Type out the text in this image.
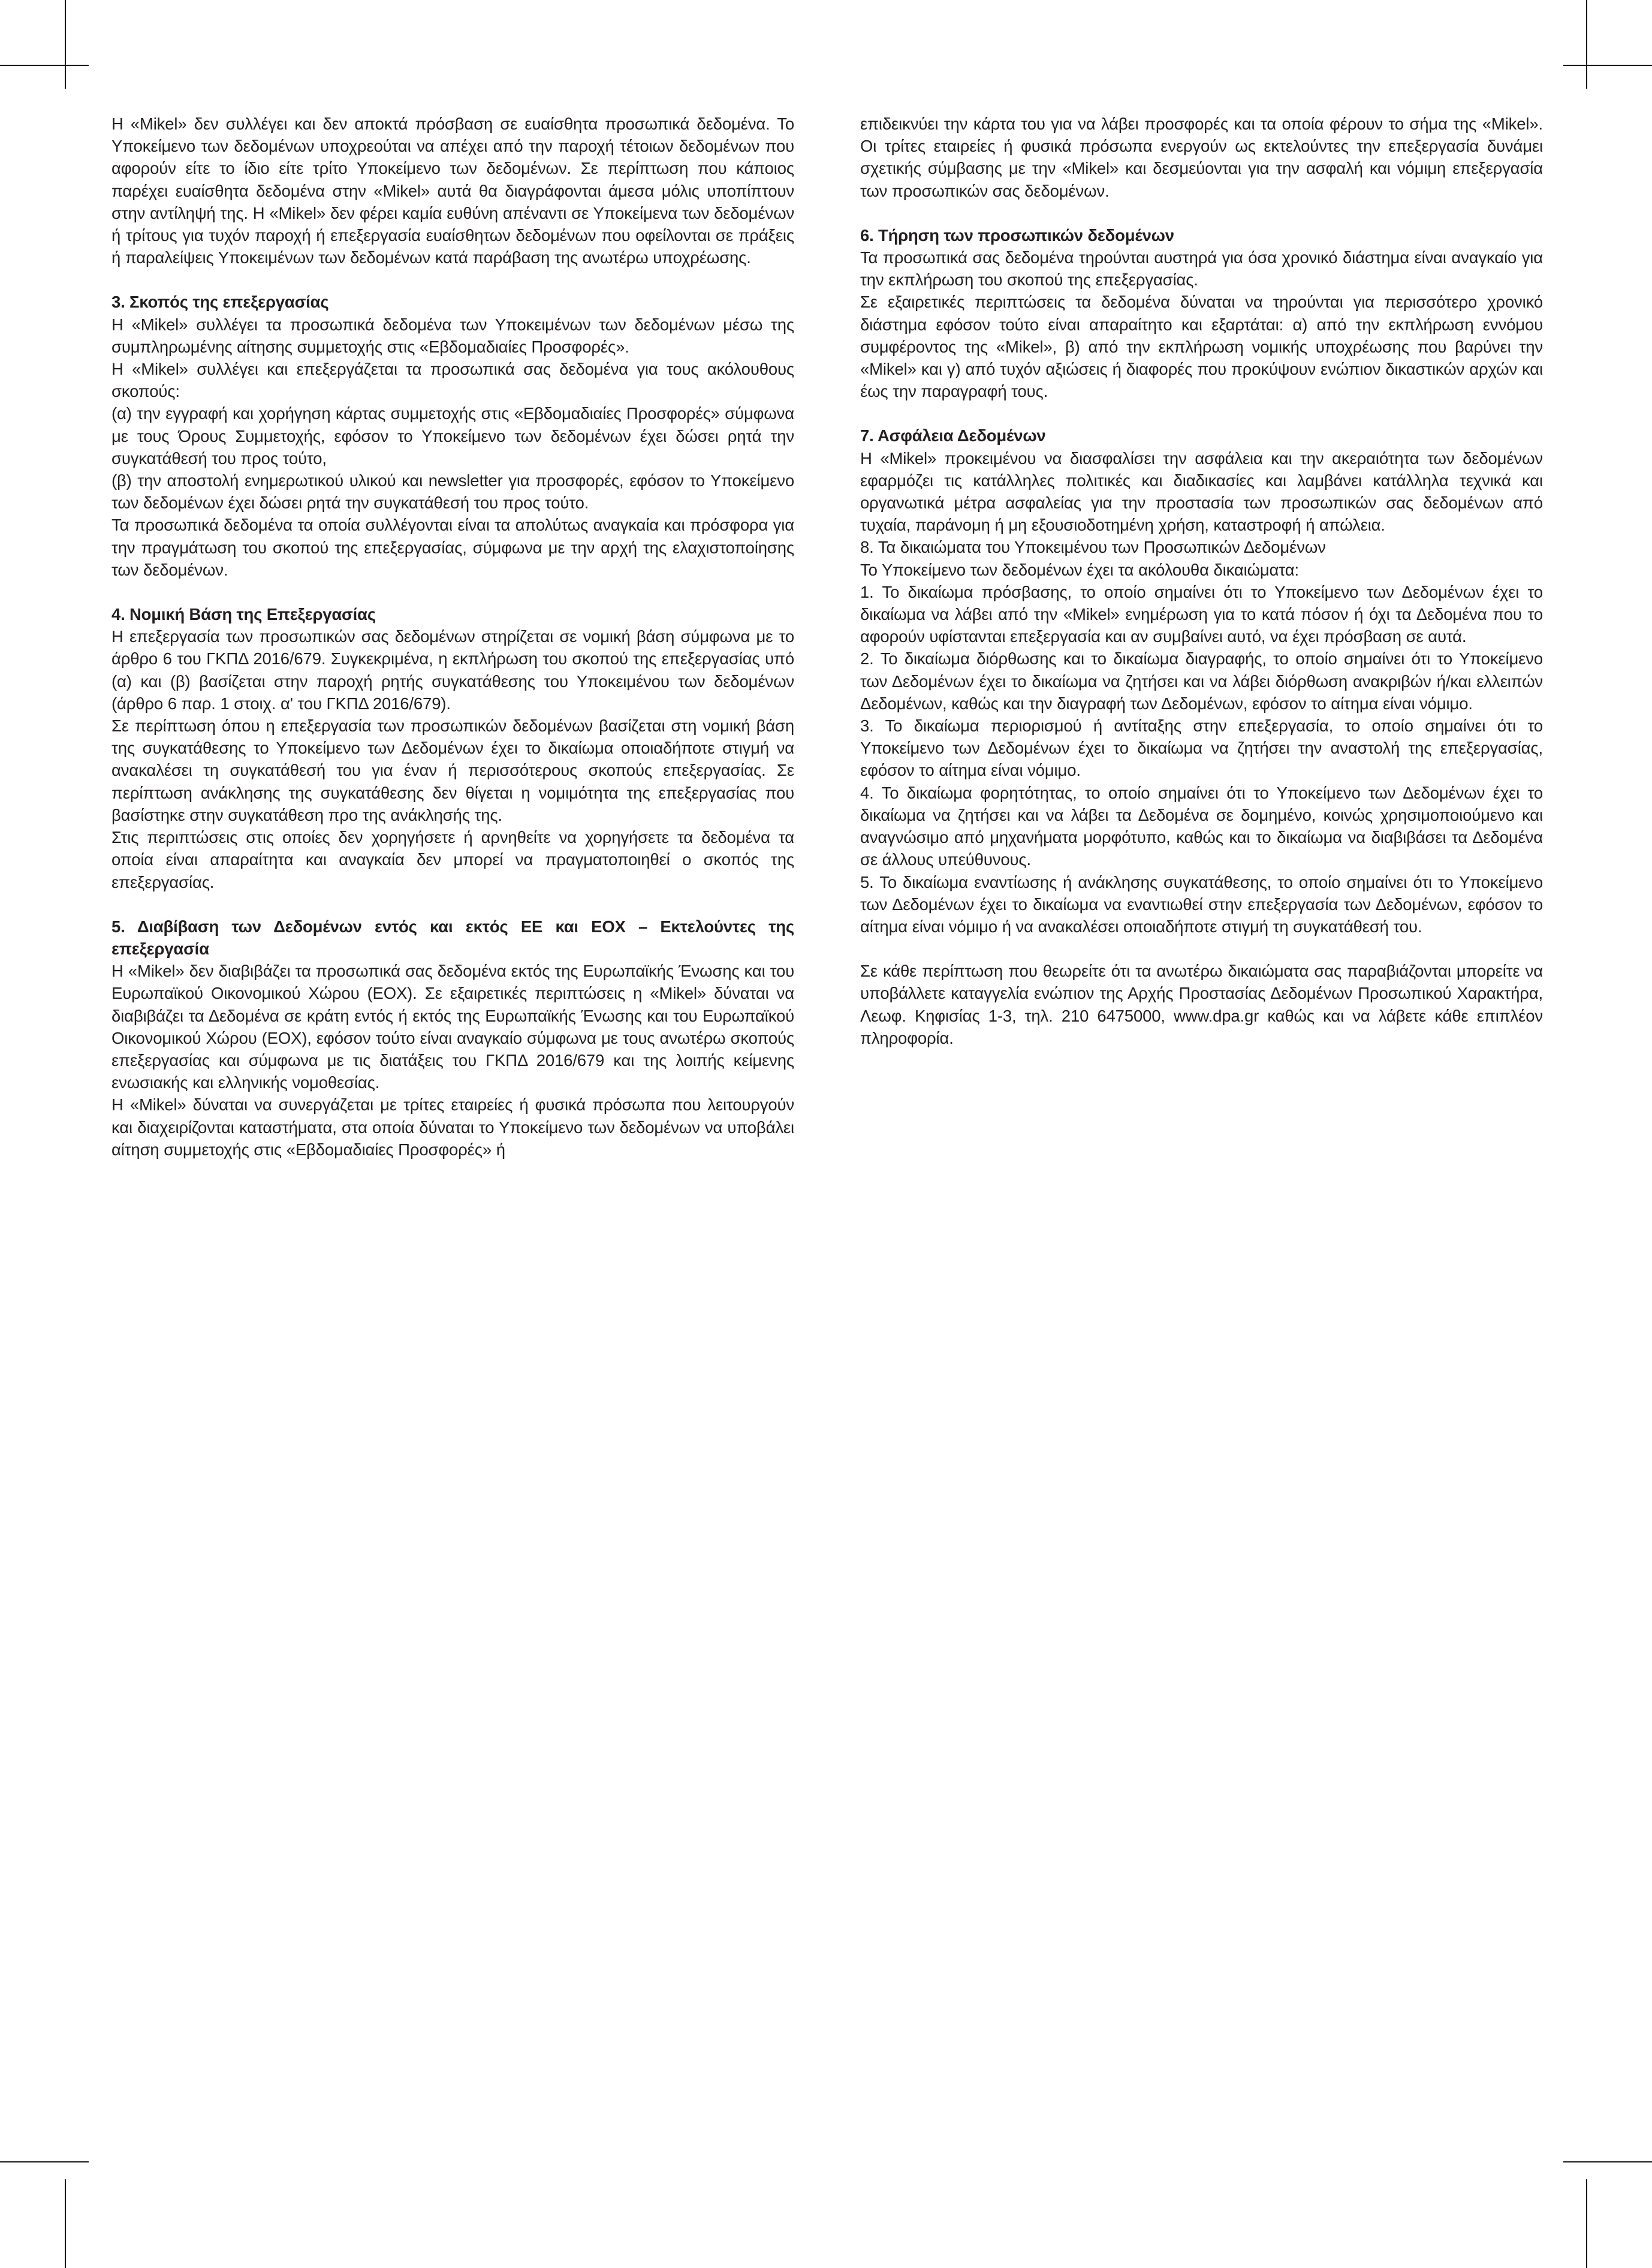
Η «Mikel» δεν συλλέγει και δεν αποκτά πρόσβαση σε ευαίσθητα προσωπικά δεδομένα. Το Υποκείμενο των δεδομένων υποχρεούται να απέχει από την παροχή τέτοιων δεδομένων που αφορούν είτε το ίδιο είτε τρίτο Υποκείμενο των δεδομένων. Σε περίπτωση που κάποιος παρέχει ευαίσθητα δεδομένα στην «Mikel» αυτά θα διαγράφονται άμεσα μόλις υποπίπτουν στην αντίληψή της. Η «Mikel» δεν φέρει καμία ευθύνη απέναντι σε Υποκείμενα των δεδομένων ή τρίτους για τυχόν παροχή ή επεξεργασία ευαίσθητων δεδομένων που οφείλονται σε πράξεις ή παραλείψεις Υποκειμένων των δεδομένων κατά παράβαση της ανωτέρω υποχρέωσης.

3. Σκοπός της επεξεργασίας

Η «Mikel» συλλέγει τα προσωπικά δεδομένα των Υποκειμένων των δεδομένων μέσω της συμπληρωμένης αίτησης συμμετοχής στις «Εβδομαδιαίες Προσφορές».

Η «Mikel» συλλέγει και επεξεργάζεται τα προσωπικά σας δεδομένα για τους ακόλουθους σκοπούς:

(α) την εγγραφή και χορήγηση κάρτας συμμετοχής στις «Εβδομαδιαίες Προσφορές» σύμφωνα με τους Όρους Συμμετοχής, εφόσον το Υποκείμενο των δεδομένων έχει δώσει ρητά την συγκατάθεσή του προς τούτο,

(β) την αποστολή ενημερωτικού υλικού και newsletter για προσφορές, εφόσον το Υποκείμενο των δεδομένων έχει δώσει ρητά την συγκατάθεσή του προς τούτο.

Τα προσωπικά δεδομένα τα οποία συλλέγονται είναι τα απολύτως αναγκαία και πρόσφορα για την πραγμάτωση του σκοπού της επεξεργασίας, σύμφωνα με την αρχή της ελαχιστοποίησης των δεδομένων.

4. Νομική Βάση της Επεξεργασίας

Η επεξεργασία των προσωπικών σας δεδομένων στηρίζεται σε νομική βάση σύμφωνα με το άρθρο 6 του ΓΚΠΔ 2016/679. Συγκεκριμένα, η εκπλήρωση του σκοπού της επεξεργασίας υπό (α) και (β) βασίζεται στην παροχή ρητής συγκατάθεσης του Υποκειμένου των δεδομένων (άρθρο 6 παρ. 1 στοιχ. α' του ΓΚΠΔ 2016/679).

Σε περίπτωση όπου η επεξεργασία των προσωπικών δεδομένων βασίζεται στη νομική βάση της συγκατάθεσης το Υποκείμενο των Δεδομένων έχει το δικαίωμα οποιαδήποτε στιγμή να ανακαλέσει τη συγκατάθεσή του για έναν ή περισσότερους σκοπούς επεξεργασίας. Σε περίπτωση ανάκλησης της συγκατάθεσης δεν θίγεται η νομιμότητα της επεξεργασίας που βασίστηκε στην συγκατάθεση προ της ανάκλησής της.

Στις περιπτώσεις στις οποίες δεν χορηγήσετε ή αρνηθείτε να χορηγήσετε τα δεδομένα τα οποία είναι απαραίτητα και αναγκαία δεν μπορεί να πραγματοποιηθεί ο σκοπός της επεξεργασίας.

5. Διαβίβαση των Δεδομένων εντός και εκτός ΕΕ και ΕΟΧ – Εκτελούντες της επεξεργασία

Η «Mikel» δεν διαβιβάζει τα προσωπικά σας δεδομένα εκτός της Ευρωπαϊκής Ένωσης και του Ευρωπαϊκού Οικονομικού Χώρου (ΕΟΧ). Σε εξαιρετικές περιπτώσεις η «Mikel» δύναται να διαβιβάζει τα Δεδομένα σε κράτη εντός ή εκτός της Ευρωπαϊκής Ένωσης και του Ευρωπαϊκού Οικονομικού Χώρου (ΕΟΧ), εφόσον τούτο είναι αναγκαίο σύμφωνα με τους ανωτέρω σκοπούς επεξεργασίας και σύμφωνα με τις διατάξεις του ΓΚΠΔ 2016/679 και της λοιπής κείμενης ενωσιακής και ελληνικής νομοθεσίας.

Η «Mikel» δύναται να συνεργάζεται με τρίτες εταιρείες ή φυσικά πρόσωπα που λειτουργούν και διαχειρίζονται καταστήματα, στα οποία δύναται το Υποκείμενο των δεδομένων να υποβάλει αίτηση συμμετοχής στις «Εβδομαδιαίες Προσφορές» ή

επιδεικνύει την κάρτα του για να λάβει προσφορές και τα οποία φέρουν το σήμα της «Mikel». Οι τρίτες εταιρείες ή φυσικά πρόσωπα ενεργούν ως εκτελούντες την επεξεργασία δυνάμει σχετικής σύμβασης με την «Mikel» και δεσμεύονται για την ασφαλή και νόμιμη επεξεργασία των προσωπικών σας δεδομένων.

6. Τήρηση των προσωπικών δεδομένων

Τα προσωπικά σας δεδομένα τηρούνται αυστηρά για όσα χρονικό διάστημα είναι αναγκαίο για την εκπλήρωση του σκοπού της επεξεργασίας.

Σε εξαιρετικές περιπτώσεις τα δεδομένα δύναται να τηρούνται για περισσότερο χρονικό διάστημα εφόσον τούτο είναι απαραίτητο και εξαρτάται: α) από την εκπλήρωση εννόμου συμφέροντος της «Mikel», β) από την εκπλήρωση νομικής υποχρέωσης που βαρύνει την «Mikel» και γ) από τυχόν αξιώσεις ή διαφορές που προκύψουν ενώπιον δικαστικών αρχών και έως την παραγραφή τους.

7. Ασφάλεια Δεδομένων

Η «Mikel» προκειμένου να διασφαλίσει την ασφάλεια και την ακεραιότητα των δεδομένων εφαρμόζει τις κατάλληλες πολιτικές και διαδικασίες και λαμβάνει κατάλληλα τεχνικά και οργανωτικά μέτρα ασφαλείας για την προστασία των προσωπικών σας δεδομένων από τυχαία, παράνομη ή μη εξουσιοδοτημένη χρήση, καταστροφή ή απώλεια.

8. Τα δικαιώματα του Υποκειμένου των Προσωπικών Δεδομένων

Το Υποκείμενο των δεδομένων έχει τα ακόλουθα δικαιώματα:

1. Το δικαίωμα πρόσβασης, το οποίο σημαίνει ότι το Υποκείμενο των Δεδομένων έχει το δικαίωμα να λάβει από την «Mikel» ενημέρωση για το κατά πόσον ή όχι τα Δεδομένα που το αφορούν υφίστανται επεξεργασία και αν συμβαίνει αυτό, να έχει πρόσβαση σε αυτά.

2. Το δικαίωμα διόρθωσης και το δικαίωμα διαγραφής, το οποίο σημαίνει ότι το Υποκείμενο των Δεδομένων έχει το δικαίωμα να ζητήσει και να λάβει διόρθωση ανακριβών ή/και ελλειπών Δεδομένων, καθώς και την διαγραφή των Δεδομένων, εφόσον το αίτημα είναι νόμιμο.

3. Το δικαίωμα περιορισμού ή αντίταξης στην επεξεργασία, το οποίο σημαίνει ότι το Υποκείμενο των Δεδομένων έχει το δικαίωμα να ζητήσει την αναστολή της επεξεργασίας, εφόσον το αίτημα είναι νόμιμο.

4. Το δικαίωμα φορητότητας, το οποίο σημαίνει ότι το Υποκείμενο των Δεδομένων έχει το δικαίωμα να ζητήσει και να λάβει τα Δεδομένα σε δομημένο, κοινώς χρησιμοποιούμενο και αναγνώσιμο από μηχανήματα μορφότυπο, καθώς και το δικαίωμα να διαβιβάσει τα Δεδομένα σε άλλους υπεύθυνους.

5. Το δικαίωμα εναντίωσης ή ανάκλησης συγκατάθεσης, το οποίο σημαίνει ότι το Υποκείμενο των Δεδομένων έχει το δικαίωμα να εναντιωθεί στην επεξεργασία των Δεδομένων, εφόσον το αίτημα είναι νόμιμο ή να ανακαλέσει οποιαδήποτε στιγμή τη συγκατάθεσή του.

Σε κάθε περίπτωση που θεωρείτε ότι τα ανωτέρω δικαιώματα σας παραβιάζονται μπορείτε να υποβάλλετε καταγγελία ενώπιον της Αρχής Προστασίας Δεδομένων Προσωπικού Χαρακτήρα, Λεωφ. Κηφισίας 1-3, τηλ. 210 6475000, www.dpa.gr καθώς και να λάβετε κάθε επιπλέον πληροφορία.
